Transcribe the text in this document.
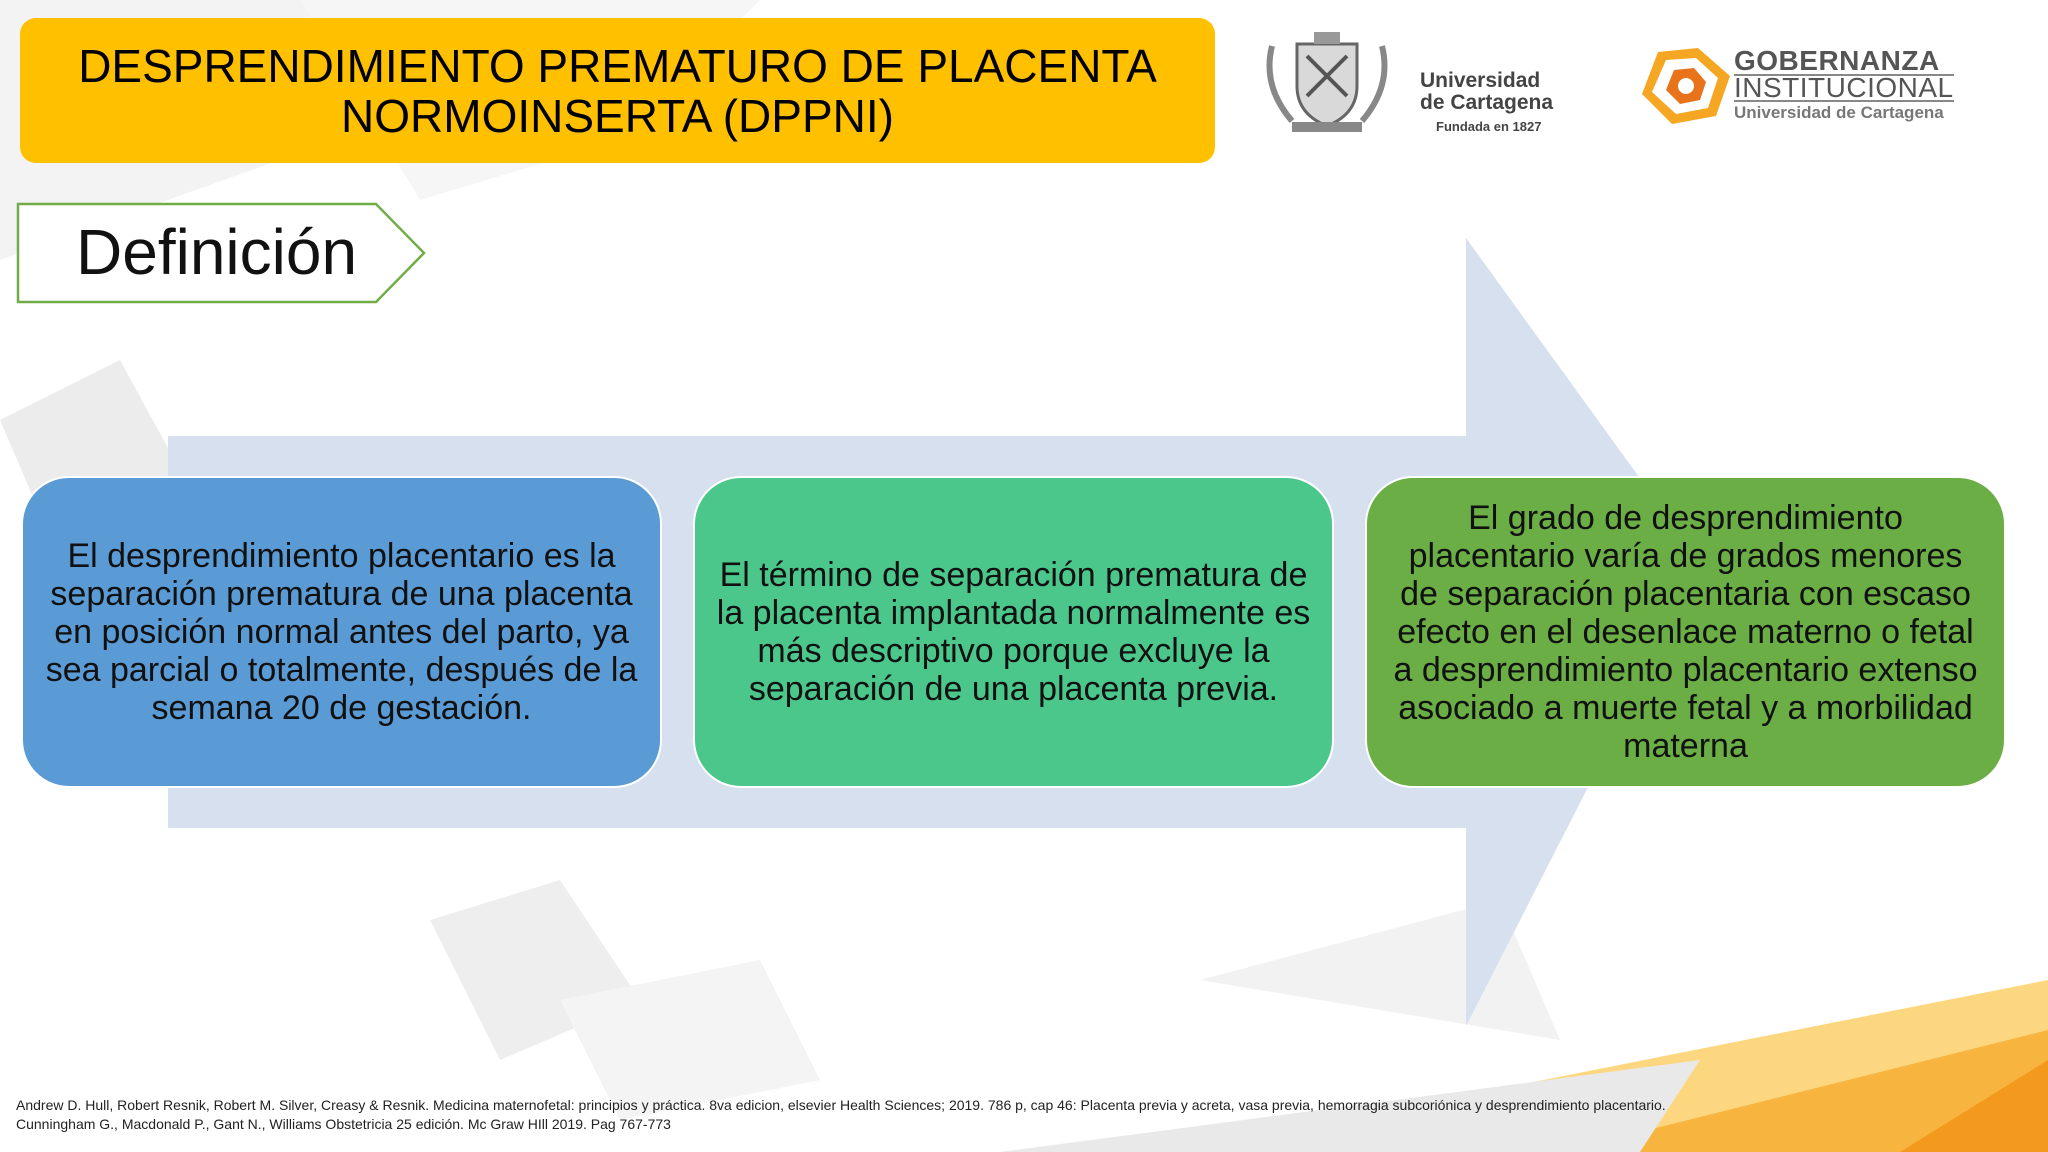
DESPRENDIMIENTO PREMATURO DE PLACENTA
NORMOINSERTA (DPPNI)
Universidad
de Cartagena
Fundada en 1827
GOBERNANZA
INSTITUCIONAL
Universidad de Cartagena
Definición
El desprendimiento placentario es la separación prematura de una placenta en posición normal antes del parto, ya sea parcial o totalmente, después de la semana 20 de gestación.
El término de separación prematura de la placenta implantada normalmente es más descriptivo porque excluye la separación de una placenta previa.
El grado de desprendimiento placentario varía de grados menores de separación placentaria con escaso efecto en el desenlace materno o fetal a desprendimiento placentario extenso asociado a muerte fetal y a morbilidad materna
Andrew D. Hull, Robert Resnik, Robert M. Silver, Creasy & Resnik. Medicina maternofetal: principios y práctica. 8va edicion, elsevier Health Sciences; 2019. 786 p, cap 46: Placenta previa y acreta, vasa previa, hemorragia subcoriónica y desprendimiento placentario.
Cunningham G., Macdonald P., Gant N., Williams Obstetricia 25 edición. Mc Graw HIll 2019. Pag 767-773
